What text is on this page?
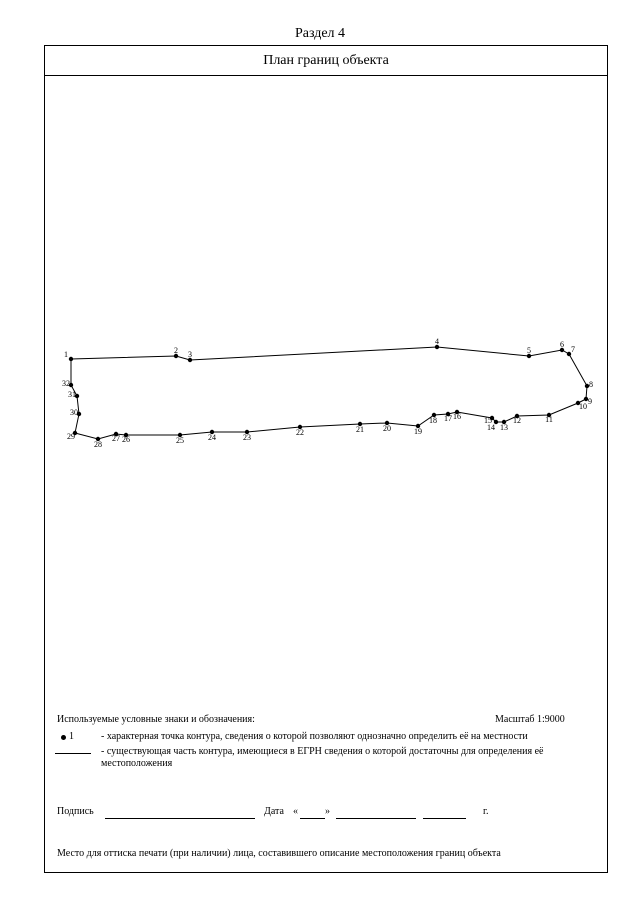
Раздел 4
План границ объекта
1	2 3
4
5
6
7
8
9
10
11
12
13
14
15
16
17
18
19
20
21
22
23
24
25
26
27
28
29
30
31
32
Используемые условные знаки и обозначения:	Масштаб 1:9000
1	- характерная точка контура, сведения о которой позволяют однозначно определить её на местности
- существующая часть контура, имеющиеся в ЕГРН сведения о которой достаточны для определения её местоположения
Подпись	Дата «	»	г.
Место для оттиска печати (при наличии) лица, составившего описание местоположения границ объекта
